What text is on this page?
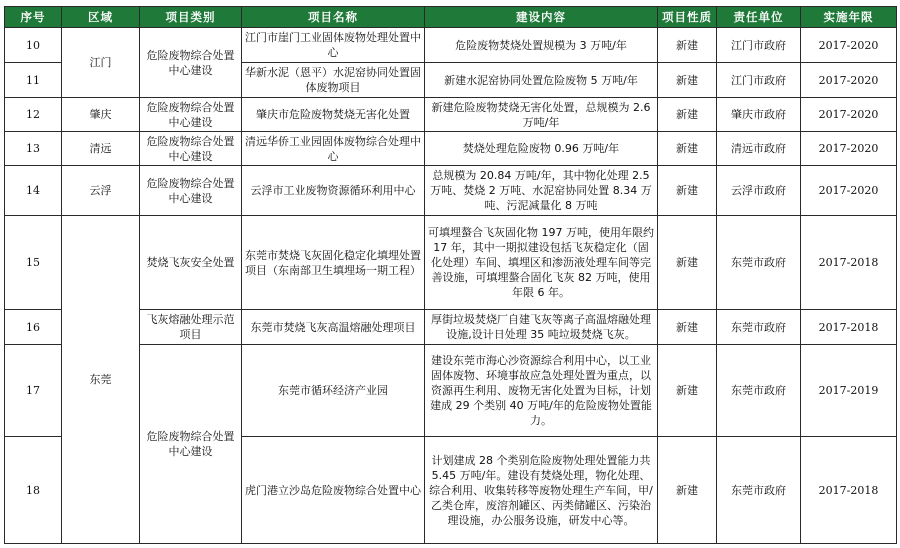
序号	区域	项目类别	项目名称	建设内容	项目性质	责任单位	实施年限
10	江门	危险废物综合处置中心建设	江门市崖门工业固体废物处理处置中心	危险废物焚烧处置规模为 3 万吨/年	新建	江门市政府	2017-2020
11			华新水泥（恩平）水泥窑协同处置固体废物项目	新建水泥窑协同处置危险废物 5 万吨/年	新建	江门市政府	2017-2020
12	肇庆	危险废物综合处置中心建设	肇庆市危险废物焚烧无害化处置	新建危险废物焚烧无害化处置，总规模为 2.6 万吨/年	新建	肇庆市政府	2017-2020
13	清远	危险废物综合处置中心建设	清远华侨工业园固体废物综合处理中心	焚烧处理危险废物 0.96 万吨/年	新建	清远市政府	2017-2020
14	云浮	危险废物综合处置中心建设	云浮市工业废物资源循环利用中心	总规模为 20.84 万吨/年，其中物化处理 2.5 万吨、焚烧 2 万吨、水泥窑协同处置 8.34 万吨、污泥减量化 8 万吨	新建	云浮市政府	2017-2020
15	东莞	焚烧飞灰安全处置	东莞市焚烧飞灰固化稳定化填埋处置项目（东南部卫生填埋场一期工程）	可填埋螯合飞灰固化物 197 万吨，使用年限约 17 年，其中一期拟建设包括飞灰稳定化（固化处理）车间、填埋区和渗沥液处理车间等完善设施，可填埋螯合固化飞灰 82 万吨，使用年限 6 年。	新建	东莞市政府	2017-2018
16		飞灰熔融处理示范项目	东莞市焚烧飞灰高温熔融处理项目	厚街垃圾焚烧厂自建飞灰等离子高温熔融处理设施,设计日处理 35 吨垃圾焚烧飞灰。	新建	东莞市政府	2017-2018
17		危险废物综合处置中心建设	东莞市循环经济产业园	建设东莞市海心沙资源综合利用中心，以工业固体废物、环境事故应急处理处置为重点，以资源再生利用、废物无害化处置为目标，计划建成 29 个类别 40 万吨/年的危险废物处置能力。	新建	东莞市政府	2017-2019
18			虎门港立沙岛危险废物综合处置中心	计划建成 28 个类别危险废物处理处置能力共 5.45 万吨/年。建设有焚烧处理，物化处理、综合利用、收集转移等废物处理生产车间，甲/乙类仓库，废溶剂罐区、丙类储罐区、污染治理设施，办公服务设施，研发中心等。	新建	东莞市政府	2017-2018
